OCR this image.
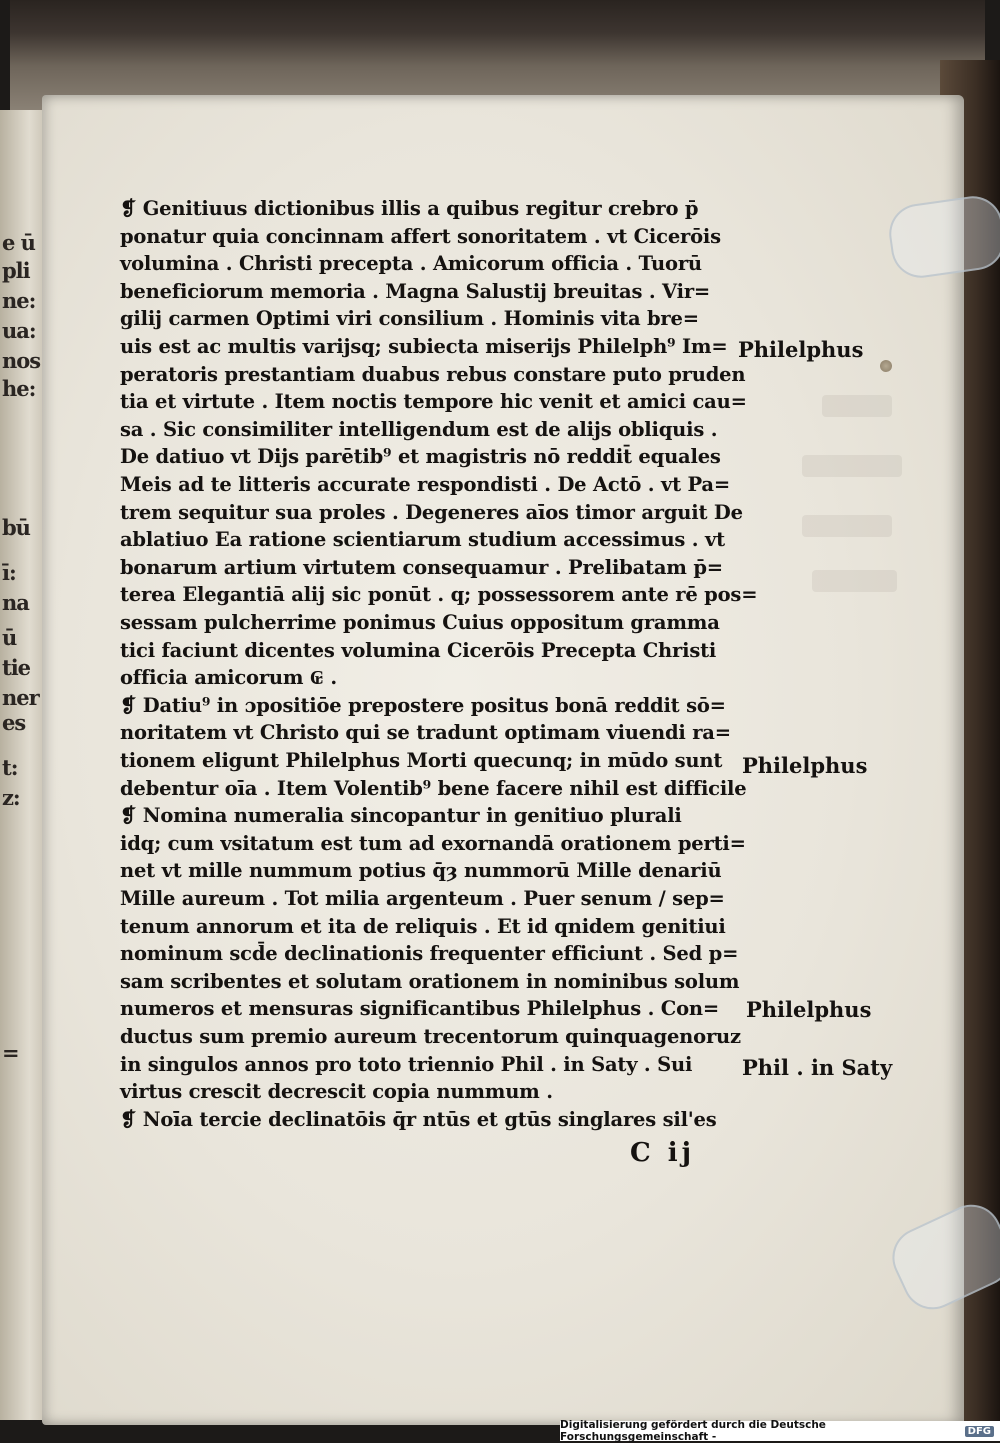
e ū
pli
ne:
ua:
nos
he:
bū
ī:
na
ū
tie
ner
es
t:
z:
=
❡ Genitiuus dictionibus illis a quibus regitur crebro p̄
ponatur quia concinnam affert sonoritatem . vt Cicerōis
volumina . Christi precepta . Amicorum officia . Tuorū
beneficiorum memoria . Magna Salustij breuitas . Vir=
gilij carmen Optimi viri consilium . Hominis vita bre=
uis est ac multis varijsq; subiecta miserijs Philelph⁹ Im=
peratoris prestantiam duabus rebus constare puto pruden
tia et virtute . Item noctis tempore hic venit et amici cau=
sa . Sic consimiliter intelligendum est de alijs obliquis .
De datiuo vt Dijs parētib⁹ et magistris nō reddit̄ equales
Meis ad te litteris accurate respondisti . De Actō . vt Pa=
trem sequitur sua proles . Degeneres aīos timor arguit De
ablatiuo Ea ratione scientiarum studium accessimus . vt
bonarum artium virtutem consequamur . Prelibatam p̄=
terea Elegantiā alij sic ponūt . q; possessorem ante rē pos=
sessam pulcherrime ponimus Cuius oppositum gramma
tici faciunt dicentes volumina Cicerōis Precepta Christi
officia amicorum ₢ .
❡ Datiu⁹ in ɔpositiōe prepostere positus bonā reddit sō=
noritatem vt Christo qui se tradunt optimam viuendi ra=
tionem eligunt Philelphus Morti quecunq; in mūdo sunt
debentur oīa . Item Volentib⁹ bene facere nihil est difficile
❡ Nomina numeralia sincopantur in genitiuo plurali
idq; cum vsitatum est tum ad exornandā orationem perti=
net vt mille nummum potius q̄ȝ nummorū Mille denariū
Mille aureum . Tot milia argenteum . Puer senum / sep=
tenum annorum et ita de reliquis . Et id qnidem genitiui
nominum scd̄e declinationis frequenter efficiunt . Sed p=
sam scribentes et solutam orationem in nominibus solum
numeros et mensuras significantibus Philelphus . Con=
ductus sum premio aureum trecentorum quinquagenoruz
in singulos annos pro toto triennio Phil . in Saty . Sui
virtus crescit decrescit copia nummum .
❡ Noīa tercie declinatōis q̄r ntūs et gtūs singlares sil'es
Philelphus
Philelphus
Philelphus
Phil . in Saty
C ij
Digitalisierung gefördert durch die Deutsche Forschungsgemeinschaft -	DFG
